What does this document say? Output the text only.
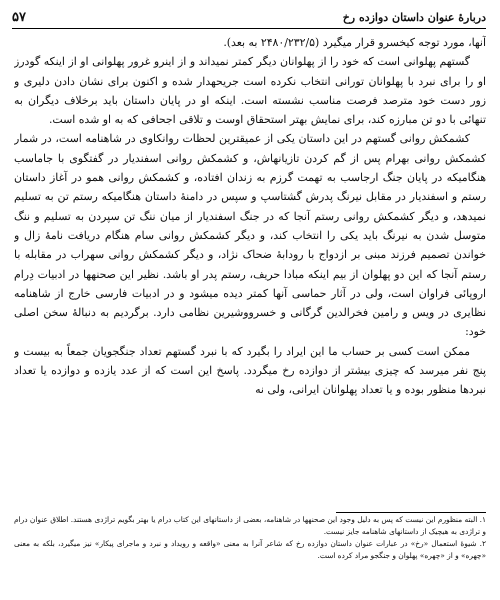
۵۷	دربارهٔ عنوان داستان دوازده رخ

آنها، مورد توجه کیخسرو قرار میگیرد (۲۴۸۰/۲۳۲/۵ به بعد).

گستهم پهلوانی است که خود را از پهلوانان دیگر کمتر نمیداند و از اینرو غرور پهلوانی او از اینکه گودرز او را برای نبرد با پهلوانان تورانی انتخاب نکرده است جریحهدار شده و اکنون برای نشان دادن دلیری و زور دست خود مترصد فرصت مناسب نشسته است. اینکه او در پایان داستان باید برخلاف دیگران به تنهائی با دو تن مبارزه کند، برای نمایش بهتر استحقاق اوست و تلاقی اجحافی که به او شده است.

کشمکش روانی گستهم در این داستان یکی از عمیقترین لحظات روانکاوی در شاهنامه است، در شمار کشمکش روانی بهرام پس از گم کردن تازیانهاش، و کشمکش روانی اسفندیار در گفتگوی با جاماسب هنگامیکه در پایان جنگ ارجاسب به تهمت گرزم به زندان افتاده، و کشمکش روانی همو در آغاز داستان رستم و اسفندیار در مقابل نیرنگ پدرش گشتاسپ و سپس در دامنهٔ داستان هنگامیکه رستم تن به تسلیم نمیدهد، و دیگر کشمکش روانی رستم آنجا که در جنگ اسفندیار از میان ننگ تن سپردن به تسلیم و ننگ متوسل شدن به نیرنگ باید یکی را انتخاب کند، و دیگر کشمکش روانی سام هنگام دریافت نامهٔ زال و خواندن تصمیم فرزند مبنی بر ازدواج با رودابهٔ ضحاک نژاد، و دیگر کشمکش روانی سهراب در مقابله با رستم آنجا که این دو پهلوان از بیم اینکه مبادا حریف، رستم پدر او باشد. نظیر این صحنهها در ادبیات دِرام اروپائی فراوان است، ولی در آثار حماسی آنها کمتر دیده میشود و در ادبیات فارسی خارج از شاهنامه نظایری در ویس و رامین فخرالدین گرگانی و خسرووشیرین نظامی دارد. برگردیم به دنبالهٔ سخن اصلی خود:

ممکن است کسی بر حساب ما این ایراد را بگیرد که با نبرد گستهم تعداد جنگجویان جمعاً به بیست و پنج نفر میرسد که چیزی بیشتر از دوازده رخ میگردد. پاسخ این است که از عدد یازده و دوازده یا تعداد نبردها منظور بوده و یا تعداد پهلوانان ایرانی، ولی نه

۱. البته منظورم این نیست که پس به دلیل وجود این صحنهها در شاهنامه، بعضی از داستانهای این کتاب درام یا بهتر بگویم تراژدی هستند. اطلاق عنوان درام و تراژدی به هیچیک از داستانهای شاهنامه جایز نیست.

۲. شیوهٔ استعمال «رخ» در عبارات عنوان داستان دوازده رخ که شاعر آنرا به معنی «واقعه و رویداد و نبرد و ماجرای پیکار» نیز میگیرد، بلکه به معنی «چهره» و از «چهره» پهلوان و جنگجو مراد کرده است.
